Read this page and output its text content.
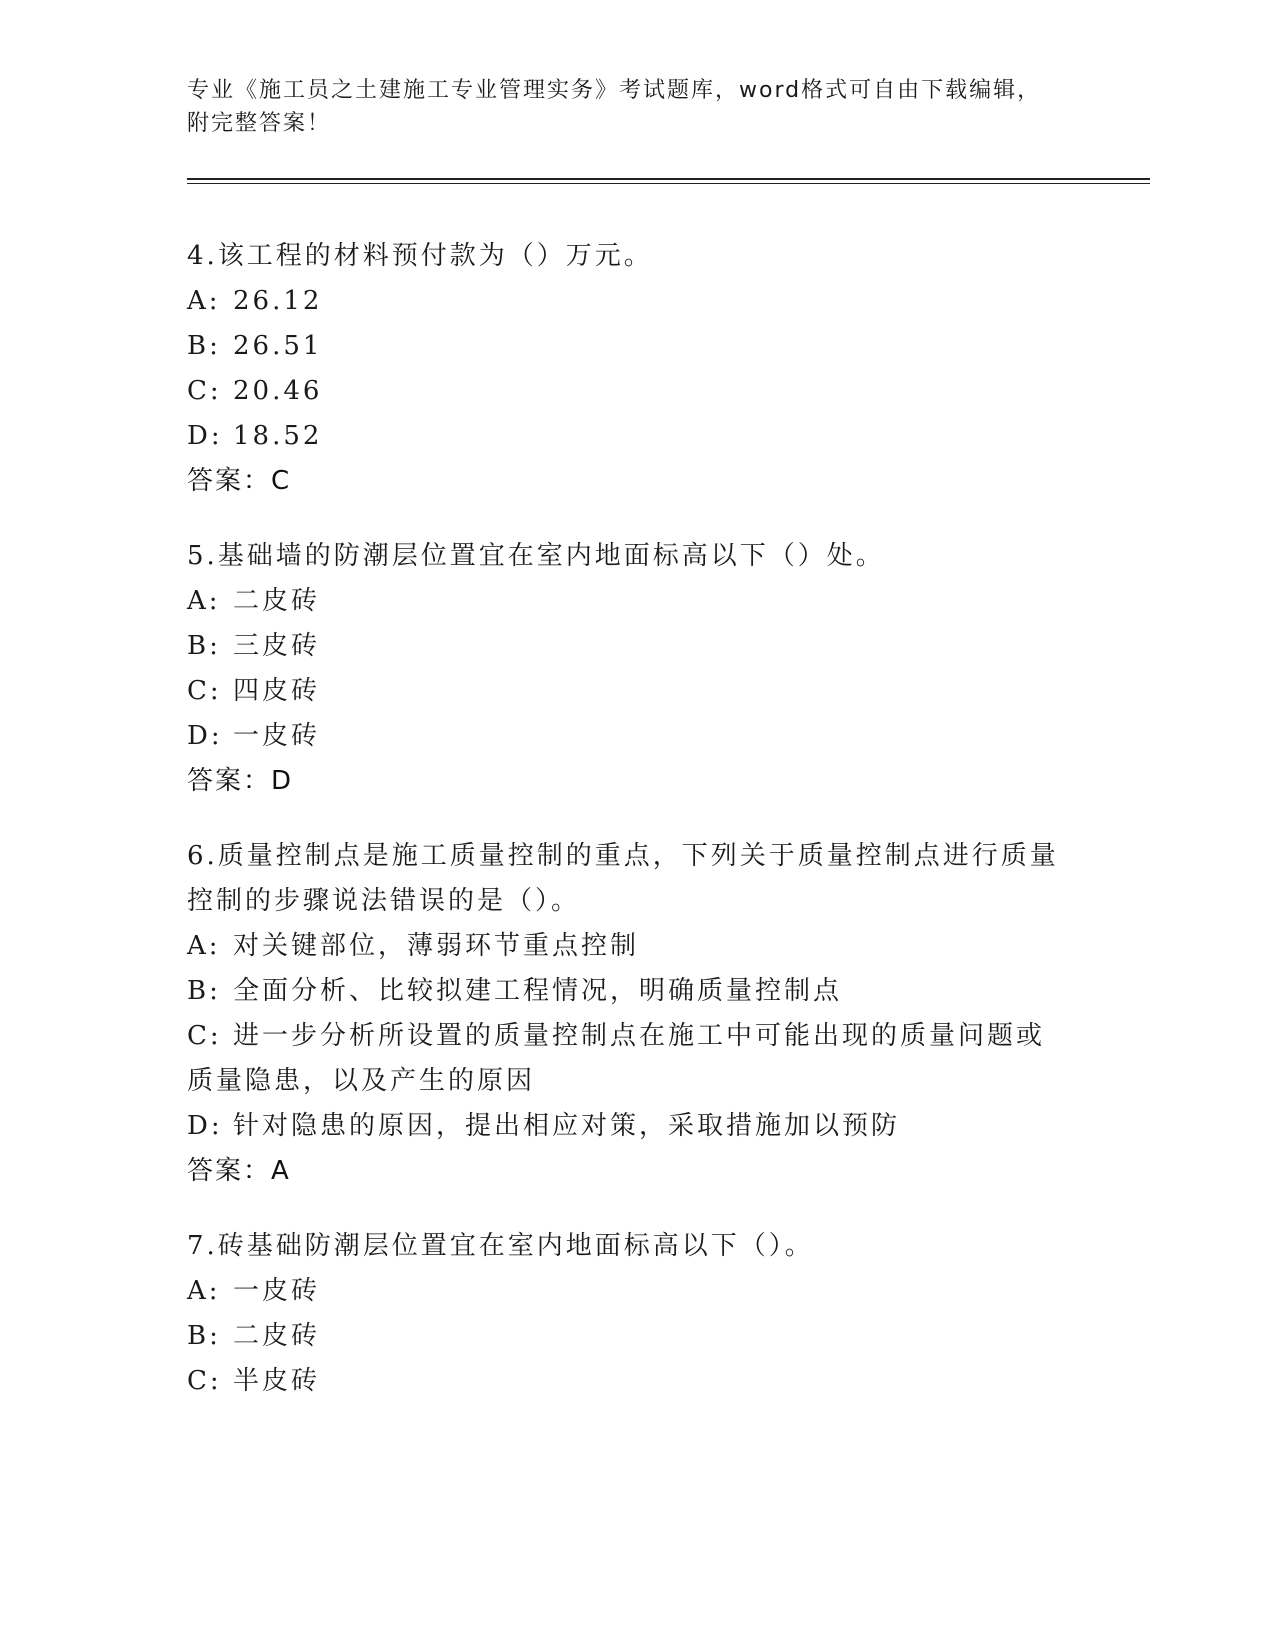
专业《施工员之土建施工专业管理实务》考试题库，word格式可自由下载编辑，
附完整答案！
4.该工程的材料预付款为（）万元。
A: 26.12
B: 26.51
C: 20.46
D: 18.52
答案：C
5.基础墙的防潮层位置宜在室内地面标高以下（）处。
A: 二皮砖
B: 三皮砖
C: 四皮砖
D: 一皮砖
答案：D
6.质量控制点是施工质量控制的重点，下列关于质量控制点进行质量控制的步骤说法错误的是（）。
A: 对关键部位，薄弱环节重点控制
B: 全面分析、比较拟建工程情况，明确质量控制点
C: 进一步分析所设置的质量控制点在施工中可能出现的质量问题或质量隐患，以及产生的原因
D: 针对隐患的原因，提出相应对策，采取措施加以预防
答案：A
7.砖基础防潮层位置宜在室内地面标高以下（）。
A: 一皮砖
B: 二皮砖
C: 半皮砖
